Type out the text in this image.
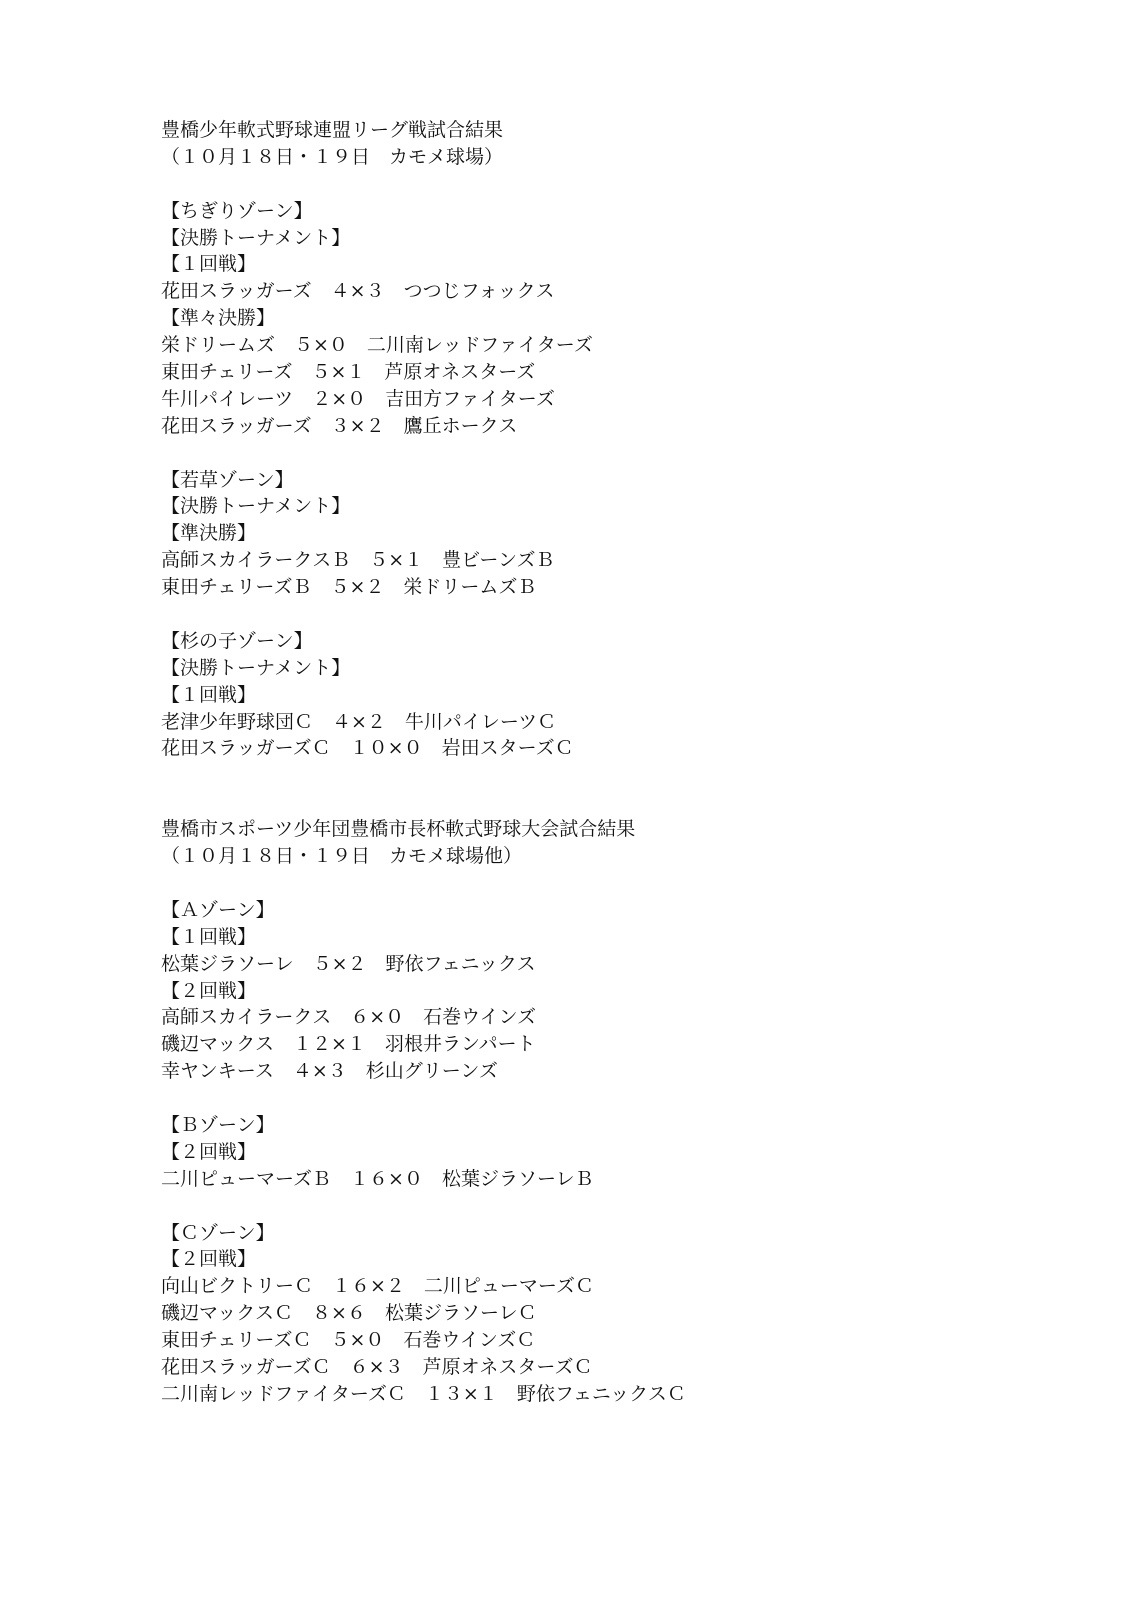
豊橋少年軟式野球連盟リーグ戦試合結果

（１０月１８日・１９日　カモメ球場）

【ちぎりゾーン】

【決勝トーナメント】

【１回戦】

花田スラッガーズ　４×３　つつじフォックス

【準々決勝】

栄ドリームズ　５×０　二川南レッドファイターズ

東田チェリーズ　５×１　芦原オネスターズ

牛川パイレーツ　２×０　吉田方ファイターズ

花田スラッガーズ　３×２　鷹丘ホークス

【若草ゾーン】

【決勝トーナメント】

【準決勝】

高師スカイラークスＢ　５×１　豊ビーンズＢ

東田チェリーズＢ　５×２　栄ドリームズＢ

【杉の子ゾーン】

【決勝トーナメント】

【１回戦】

老津少年野球団Ｃ　４×２　牛川パイレーツＣ

花田スラッガーズＣ　１０×０　岩田スターズＣ

豊橋市スポーツ少年団豊橋市長杯軟式野球大会試合結果

（１０月１８日・１９日　カモメ球場他）

【Ａゾーン】

【１回戦】

松葉ジラソーレ　５×２　野依フェニックス

【２回戦】

高師スカイラークス　６×０　石巻ウインズ

磯辺マックス　１２×１　羽根井ランパート

幸ヤンキース　４×３　杉山グリーンズ

【Ｂゾーン】

【２回戦】

二川ピューマーズＢ　１６×０　松葉ジラソーレＢ

【Ｃゾーン】

【２回戦】

向山ビクトリーＣ　１６×２　二川ピューマーズＣ

磯辺マックスＣ　８×６　松葉ジラソーレＣ

東田チェリーズＣ　５×０　石巻ウインズＣ

花田スラッガーズＣ　６×３　芦原オネスターズＣ

二川南レッドファイターズＣ　１３×１　野依フェニックスＣ
